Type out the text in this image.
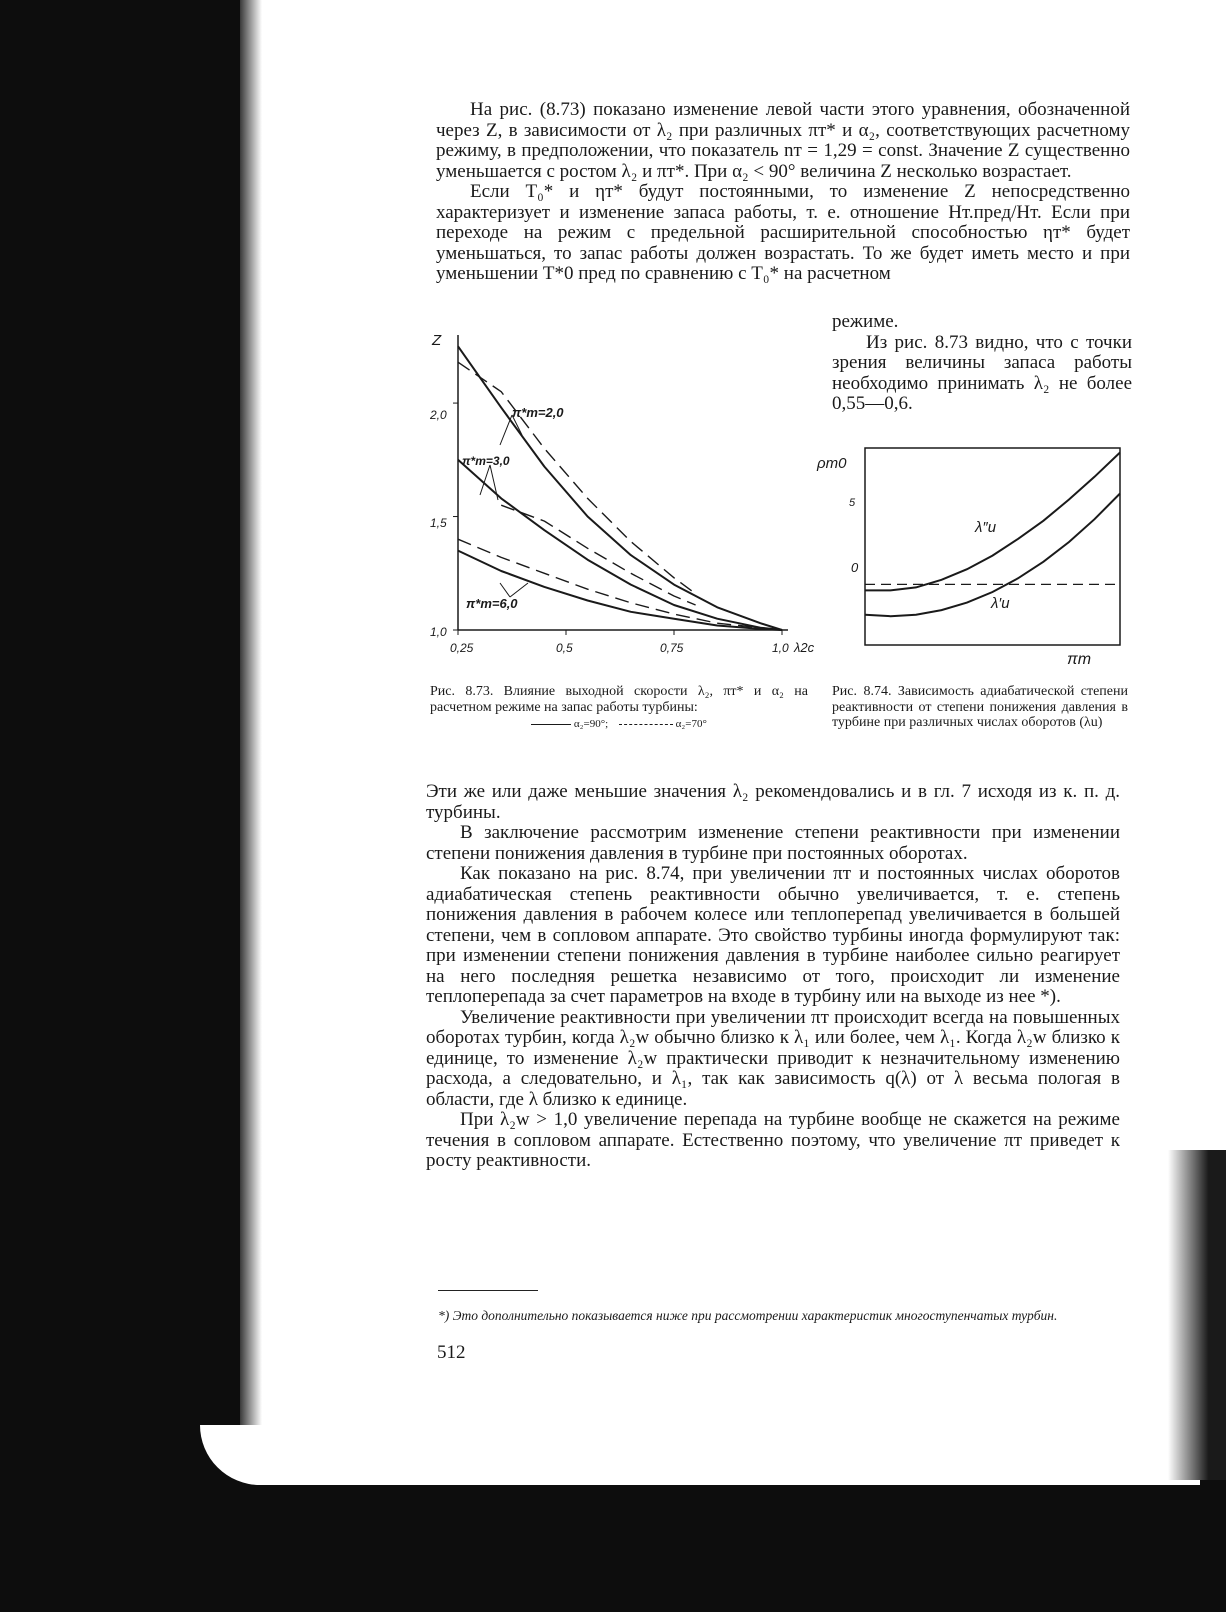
На рис. (8.73) показано изменение левой части этого уравнения, обозначенной через Z, в зависимости от λ₂ при различных πт* и α₂, соответствующих расчетному режиму, в предположении, что показатель nт = 1,29 = const. Значение Z существенно уменьшается с ростом λ₂ и πт*. При α₂ < 90° величина Z несколько возрастает.

Если T₀* и ηт* будут постоянными, то изменение Z непосредственно характеризует и изменение запаса работы, т. е. отношение Hт.пред/Hт. Если при переходе на режим с предельной расширительной способностью ηт* будет уменьшаться, то запас работы должен возрастать. То же будет иметь место и при уменьшении T*0 пред по сравнению с T₀* на расчетном

режиме.

Из рис. 8.73 видно, что с точки зрения величины запаса работы необходимо принимать λ₂ не более 0,55—0,6.

Z
2,0
1,5
1,0
0,25	0,5	0,75	1,0 λ2c
π*т=2,0
π*т=3,0
π*т=6,0
Рис. 8.73. Влияние выходной скорости λ₂, πт* и α₂ на расчетном режиме на запас работы турбины:
α₂=90°;	α₂=70°
ρт0
5
0
πт
λ″u
λ′u
Рис. 8.74. Зависимость адиабатической степени реактивности от степени понижения давления в турбине при различных числах оборотов (λu)

Эти же или даже меньшие значения λ₂ рекомендовались и в гл. 7 исходя из к. п. д. турбины.

В заключение рассмотрим изменение степени реактивности при изменении степени понижения давления в турбине при постоянных оборотах.

Как показано на рис. 8.74, при увеличении πт и постоянных числах оборотов адиабатическая степень реактивности обычно увеличивается, т. е. степень понижения давления в рабочем колесе или теплоперепад увеличивается в большей степени, чем в сопловом аппарате. Это свойство турбины иногда формулируют так: при изменении степени понижения давления в турбине наиболее сильно реагирует на него последняя решетка независимо от того, происходит ли изменение теплоперепада за счет параметров на входе в турбину или на выходе из нее *).

Увеличение реактивности при увеличении πт происходит всегда на повышенных оборотах турбин, когда λ₂w обычно близко к λ₁ или более, чем λ₁. Когда λ₂w близко к единице, то изменение λ₂w практически приводит к незначительному изменению расхода, а следовательно, и λ₁, так как зависимость q(λ) от λ весьма пологая в области, где λ близко к единице.

При λ₂w > 1,0 увеличение перепада на турбине вообще не скажется на режиме течения в сопловом аппарате. Естественно поэтому, что увеличение πт приведет к росту реактивности.

*) Это дополнительно показывается ниже при рассмотрении характеристик многоступенчатых турбин.
512
